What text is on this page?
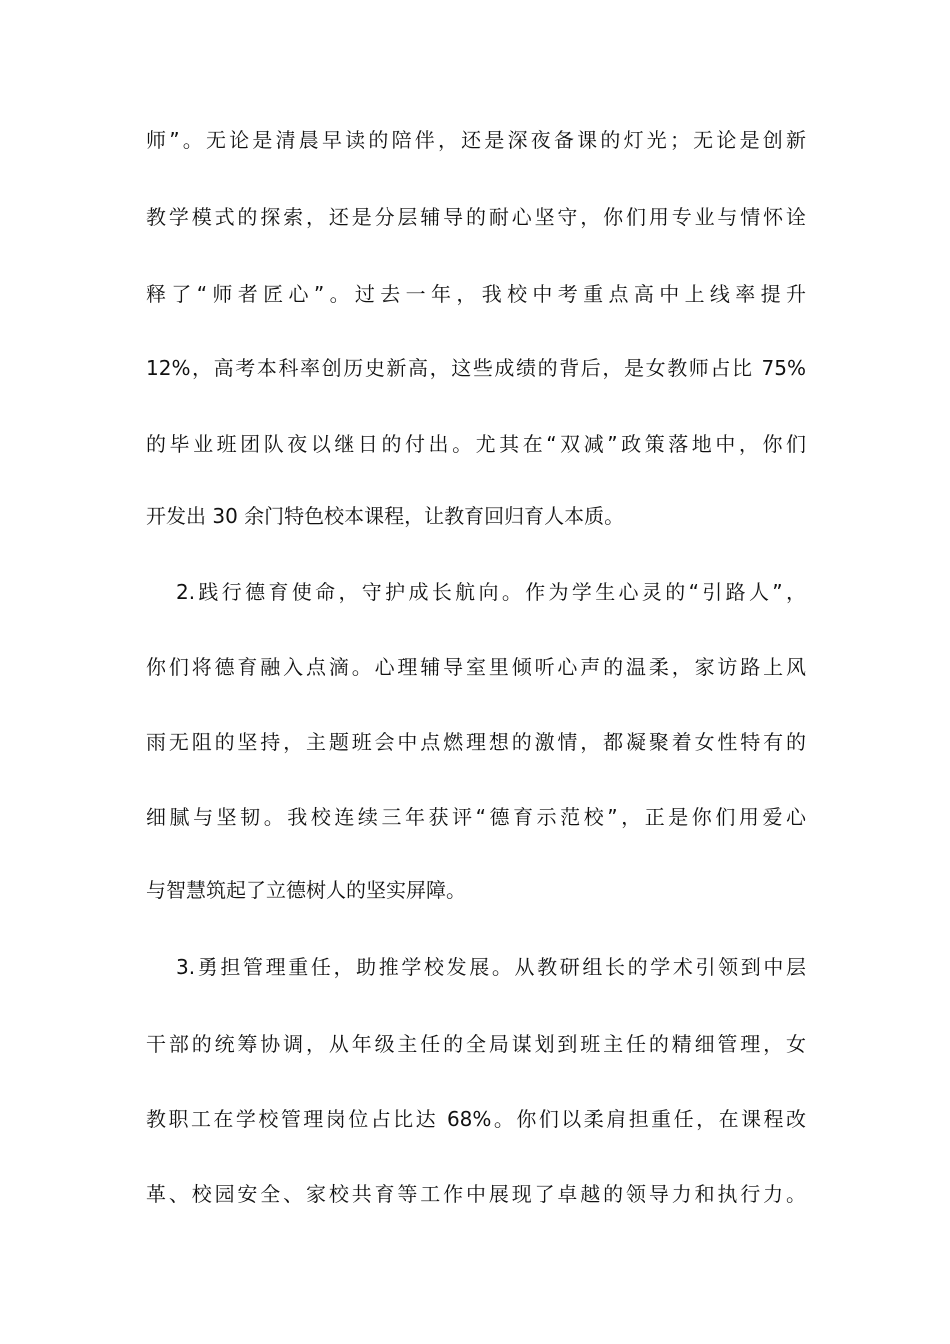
师”。无论是清晨早读的陪伴，还是深夜备课的灯光；无论是创新
教学模式的探索，还是分层辅导的耐心坚守，你们用专业与情怀诠
释了“师者匠心”。过去一年，我校中考重点高中上线率提升
12%，高考本科率创历史新高，这些成绩的背后，是女教师占比 75%
的毕业班团队夜以继日的付出。尤其在“双减”政策落地中，你们
开发出 30 余门特色校本课程，让教育回归育人本质。
2.践行德育使命，守护成长航向。作为学生心灵的“引路人”，
你们将德育融入点滴。心理辅导室里倾听心声的温柔，家访路上风
雨无阻的坚持，主题班会中点燃理想的激情，都凝聚着女性特有的
细腻与坚韧。我校连续三年获评“德育示范校”，正是你们用爱心
与智慧筑起了立德树人的坚实屏障。
3.勇担管理重任，助推学校发展。从教研组长的学术引领到中层
干部的统筹协调，从年级主任的全局谋划到班主任的精细管理，女
教职工在学校管理岗位占比达 68%。你们以柔肩担重任，在课程改
革、校园安全、家校共育等工作中展现了卓越的领导力和执行力。
